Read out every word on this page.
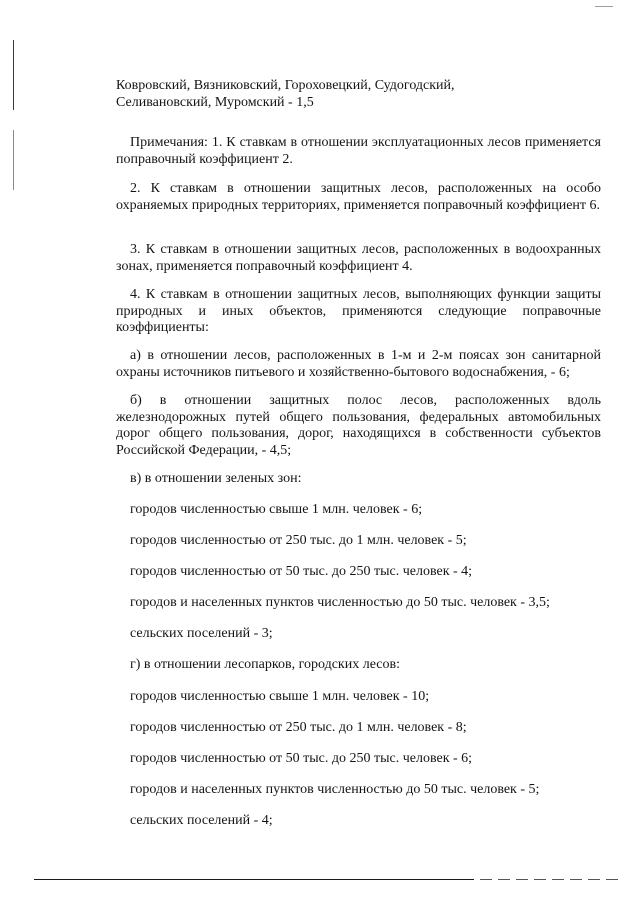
Ковровский, Вязниковский, Гороховецкий, Судогодский,
Селивановский, Муромский - 1,5

Примечания: 1. К ставкам в отношении эксплуатационных лесов применяется поправочный коэффициент 2.

2. К ставкам в отношении защитных лесов, расположенных на особо охраняемых природных территориях, применяется поправочный коэффициент 6.

3. К ставкам в отношении защитных лесов, расположенных в водоохранных зонах, применяется поправочный коэффициент 4.

4. К ставкам в отношении защитных лесов, выполняющих функции защиты природных и иных объектов, применяются следующие поправочные коэффициенты:

а) в отношении лесов, расположенных в 1-м и 2-м поясах зон санитарной охраны источников питьевого и хозяйственно-бытового водоснабжения, - 6;

б) в отношении защитных полос лесов, расположенных вдоль железнодорожных путей общего пользования, федеральных автомобильных дорог общего пользования, дорог, находящихся в собственности субъектов Российской Федерации, - 4,5;

в) в отношении зеленых зон:

городов численностью свыше 1 млн. человек - 6;

городов численностью от 250 тыс. до 1 млн. человек - 5;

городов численностью от 50 тыс. до 250 тыс. человек - 4;

городов и населенных пунктов численностью до 50 тыс. человек - 3,5;

сельских поселений - 3;

г) в отношении лесопарков, городских лесов:

городов численностью свыше 1 млн. человек - 10;

городов численностью от 250 тыс. до 1 млн. человек - 8;

городов численностью от 50 тыс. до 250 тыс. человек - 6;

городов и населенных пунктов численностью до 50 тыс. человек - 5;

сельских поселений - 4;
